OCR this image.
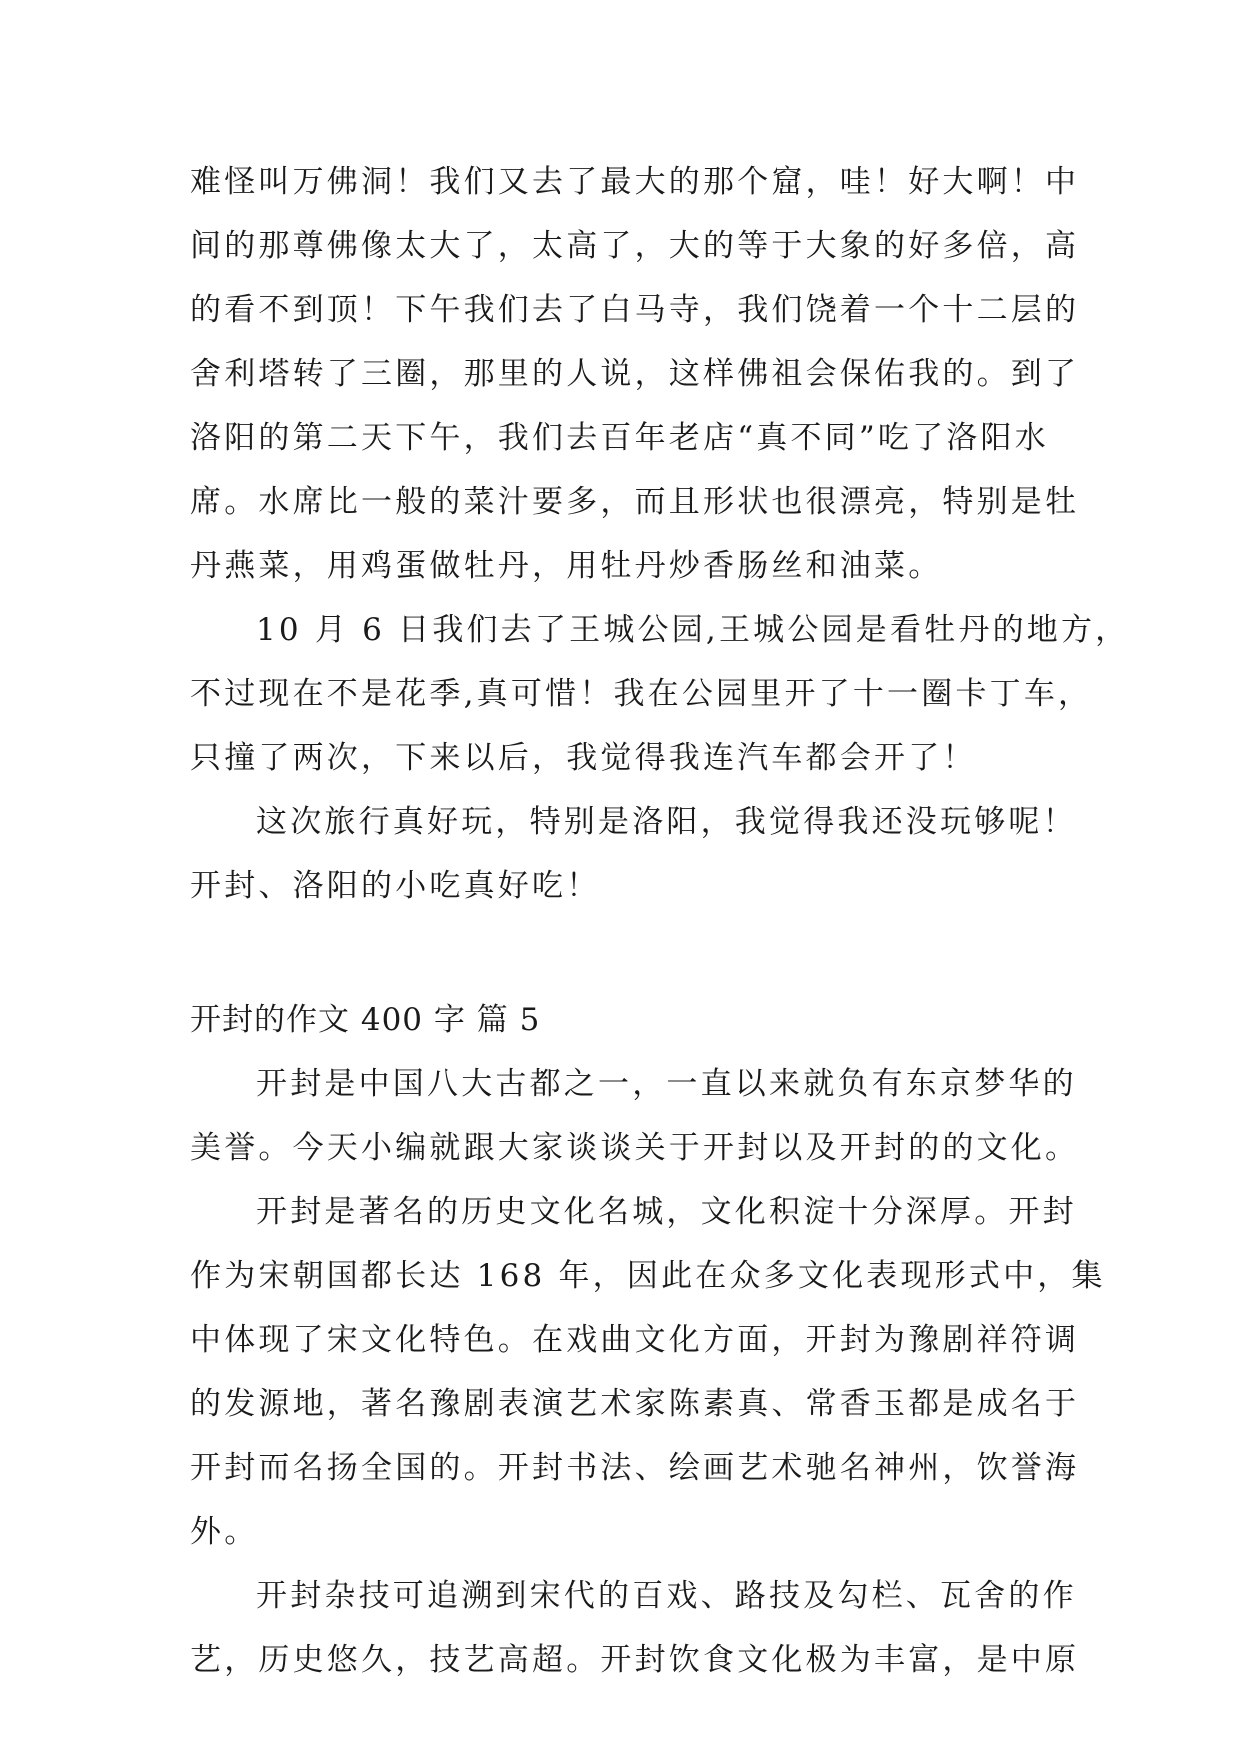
难怪叫万佛洞！我们又去了最大的那个窟，哇！好大啊！中
间的那尊佛像太大了，太高了，大的等于大象的好多倍，高
的看不到顶！下午我们去了白马寺，我们饶着一个十二层的
舍利塔转了三圈，那里的人说，这样佛祖会保佑我的。到了
洛阳的第二天下午，我们去百年老店“真不同”吃了洛阳水
席。水席比一般的菜汁要多，而且形状也很漂亮，特别是牡
丹燕菜，用鸡蛋做牡丹，用牡丹炒香肠丝和油菜。
10 月 6 日我们去了王城公园,王城公园是看牡丹的地方，
不过现在不是花季,真可惜！我在公园里开了十一圈卡丁车，
只撞了两次，下来以后，我觉得我连汽车都会开了！
这次旅行真好玩，特别是洛阳，我觉得我还没玩够呢！
开封、洛阳的小吃真好吃！
开封的作文 400 字 篇 5
开封是中国八大古都之一，一直以来就负有东京梦华的
美誉。今天小编就跟大家谈谈关于开封以及开封的的文化。
开封是著名的历史文化名城，文化积淀十分深厚。开封
作为宋朝国都长达 168 年，因此在众多文化表现形式中，集
中体现了宋文化特色。在戏曲文化方面，开封为豫剧祥符调
的发源地，著名豫剧表演艺术家陈素真、常香玉都是成名于
开封而名扬全国的。开封书法、绘画艺术驰名神州，饮誉海
外。
开封杂技可追溯到宋代的百戏、路技及勾栏、瓦舍的作
艺，历史悠久，技艺高超。开封饮食文化极为丰富，是中原
